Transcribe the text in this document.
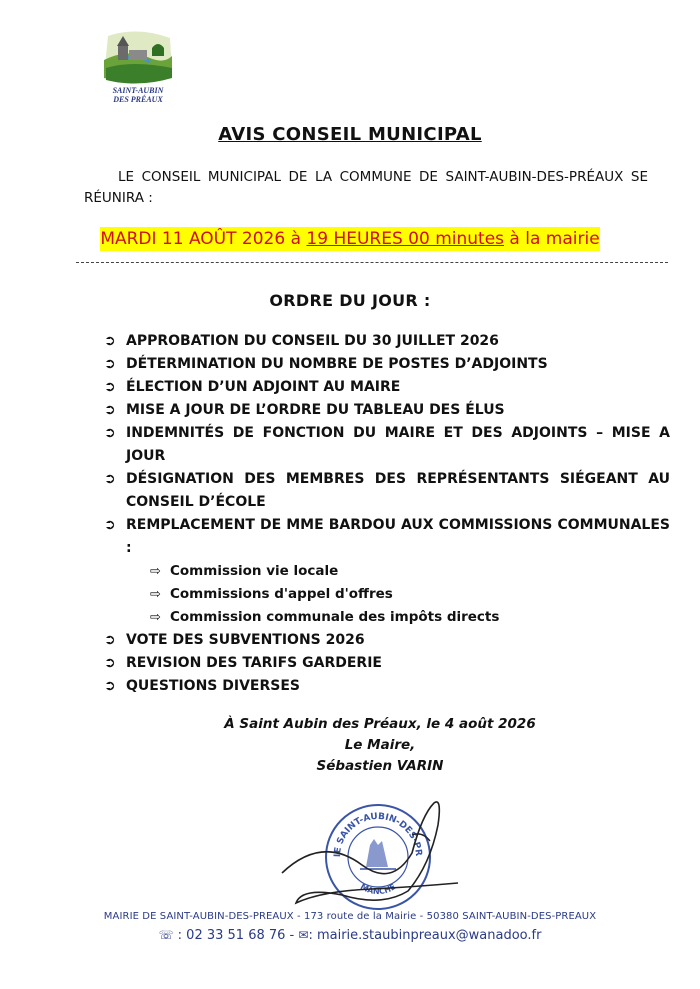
SAINT-AUBIN
DES PRÉAUX
AVIS CONSEIL MUNICIPAL
LE CONSEIL MUNICIPAL DE LA COMMUNE DE SAINT-AUBIN-DES-PRÉAUX SE RÉUNIRA :
MARDI 11 AOÛT 2026 à 19 HEURES 00 minutes à la mairie
ORDRE DU JOUR :
➲ APPROBATION DU CONSEIL DU 30 JUILLET 2026
➲ DÉTERMINATION DU NOMBRE DE POSTES D’ADJOINTS
➲ ÉLECTION D’UN ADJOINT AU MAIRE
➲ MISE A JOUR DE L’ORDRE DU TABLEAU DES ÉLUS
➲ INDEMNITÉS DE FONCTION DU MAIRE ET DES ADJOINTS – MISE A JOUR
➲ DÉSIGNATION DES MEMBRES DES REPRÉSENTANTS SIÉGEANT AU CONSEIL D’ÉCOLE
➲ REMPLACEMENT DE MME BARDOU AUX COMMISSIONS COMMUNALES :
⇨ Commission vie locale
⇨ Commissions d'appel d'offres
⇨ Commission communale des impôts directs
➲ VOTE DES SUBVENTIONS 2026
➲ REVISION DES TARIFS GARDERIE
➲ QUESTIONS DIVERSES
À Saint Aubin des Préaux, le 4 août 2026
Le Maire,
Sébastien VARIN
IE SAINT-AUBIN-DES-PR
MANCHE
MAIRIE DE SAINT-AUBIN-DES-PREAUX - 173 route de la Mairie - 50380 SAINT-AUBIN-DES-PREAUX
☏ : 02 33 51 68 76 - ✉: mairie.staubinpreaux@wanadoo.fr
